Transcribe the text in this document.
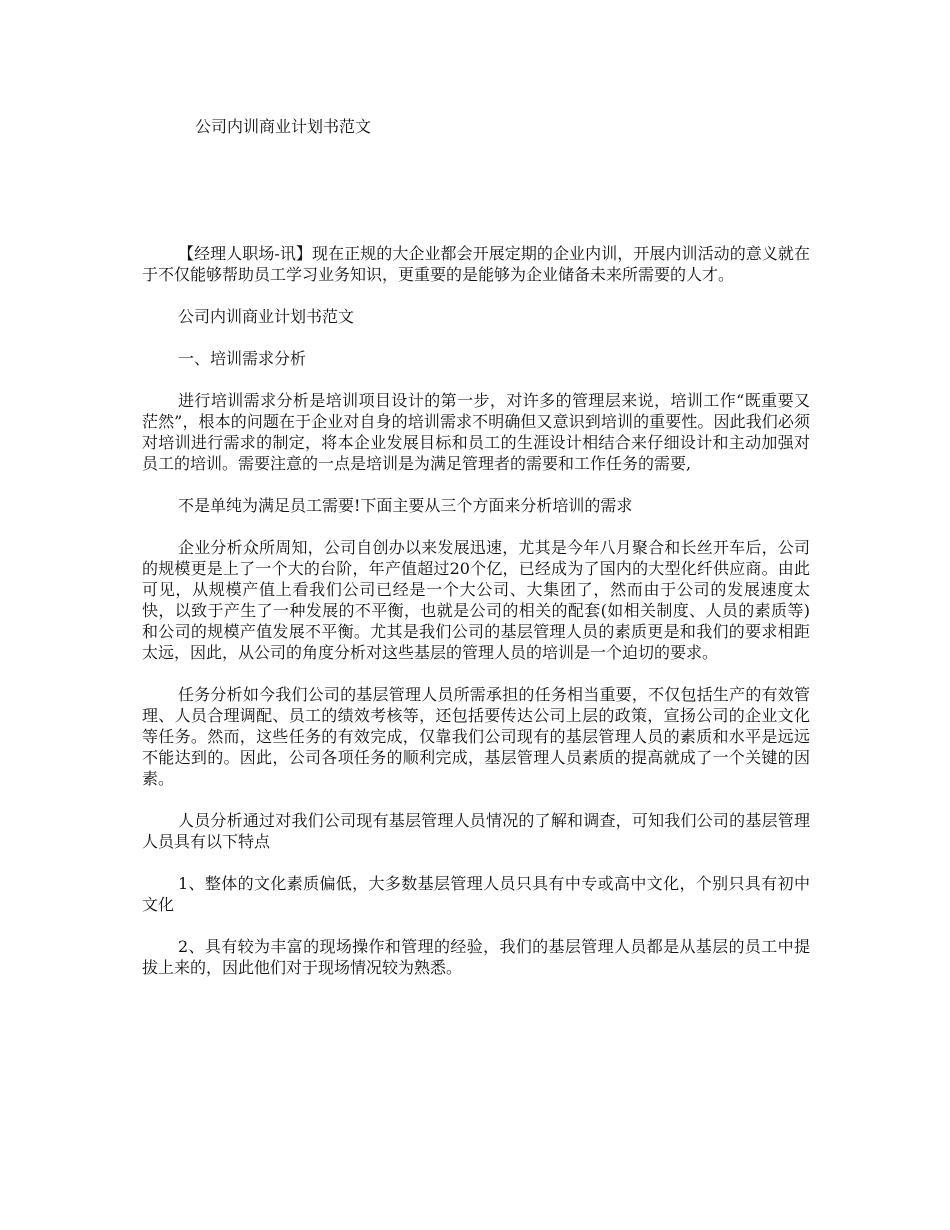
公司内训商业计划书范文

【经理人职场-讯】现在正规的大企业都会开展定期的企业内训，开展内训活动的意义就在于不仅能够帮助员工学习业务知识，更重要的是能够为企业储备未来所需要的人才。

公司内训商业计划书范文

一、培训需求分析

进行培训需求分析是培训项目设计的第一步，对许多的管理层来说，培训工作“既重要又茫然”，根本的问题在于企业对自身的培训需求不明确但又意识到培训的重要性。因此我们必须对培训进行需求的制定，将本企业发展目标和员工的生涯设计相结合来仔细设计和主动加强对员工的培训。需要注意的一点是培训是为满足管理者的需要和工作任务的需要,

不是单纯为满足员工需要!下面主要从三个方面来分析培训的需求

企业分析众所周知，公司自创办以来发展迅速，尤其是今年八月聚合和长丝开车后，公司的规模更是上了一个大的台阶，年产值超过20个亿，已经成为了国内的大型化纤供应商。由此可见，从规模产值上看我们公司已经是一个大公司、大集团了，然而由于公司的发展速度太快，以致于产生了一种发展的不平衡，也就是公司的相关的配套(如相关制度、人员的素质等)和公司的规模产值发展不平衡。尤其是我们公司的基层管理人员的素质更是和我们的要求相距太远，因此，从公司的角度分析对这些基层的管理人员的培训是一个迫切的要求。

任务分析如今我们公司的基层管理人员所需承担的任务相当重要，不仅包括生产的有效管理、人员合理调配、员工的绩效考核等，还包括要传达公司上层的政策，宣扬公司的企业文化等任务。然而，这些任务的有效完成，仅靠我们公司现有的基层管理人员的素质和水平是远远不能达到的。因此，公司各项任务的顺利完成，基层管理人员素质的提高就成了一个关键的因素。

人员分析通过对我们公司现有基层管理人员情况的了解和调查，可知我们公司的基层管理人员具有以下特点

1、整体的文化素质偏低，大多数基层管理人员只具有中专或高中文化，个别只具有初中文化

2、具有较为丰富的现场操作和管理的经验，我们的基层管理人员都是从基层的员工中提拔上来的，因此他们对于现场情况较为熟悉。
